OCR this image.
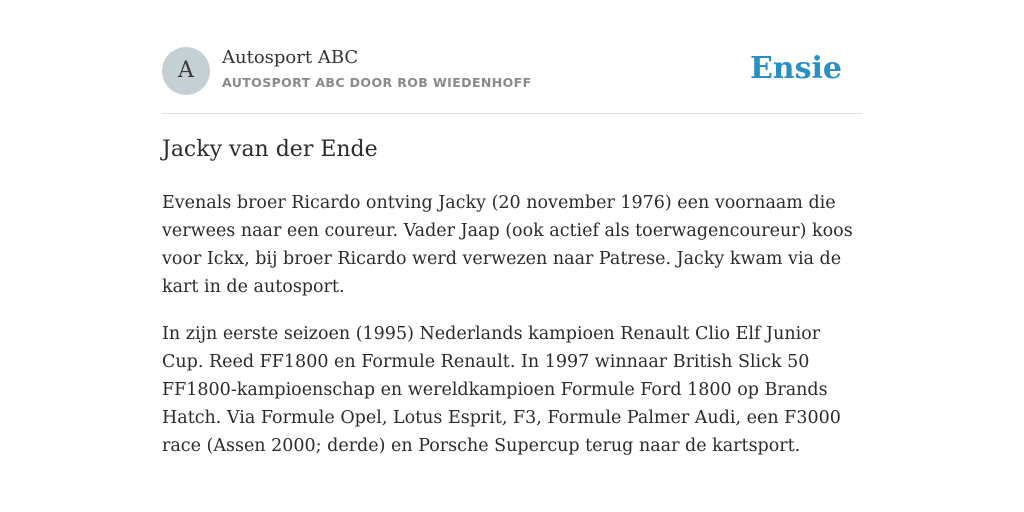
A
Autosport ABC
AUTOSPORT ABC DOOR ROB WIEDENHOFF	Ensie
Jacky van der Ende

Evenals broer Ricardo ontving Jacky (20 november 1976) een voornaam die verwees naar een coureur. Vader Jaap (ook actief als toerwagencoureur) koos voor Ickx, bij broer Ricardo werd verwezen naar Patrese. Jacky kwam via de kart in de autosport.

In zijn eerste seizoen (1995) Nederlands kampioen Renault Clio Elf Junior Cup. Reed FF1800 en Formule Renault. In 1997 winnaar British Slick 50 FF1800-kampioenschap en wereldkampioen Formule Ford 1800 op Brands Hatch. Via Formule Opel, Lotus Esprit, F3, Formule Palmer Audi, een F3000 race (Assen 2000; derde) en Porsche Supercup terug naar de kartsport.
